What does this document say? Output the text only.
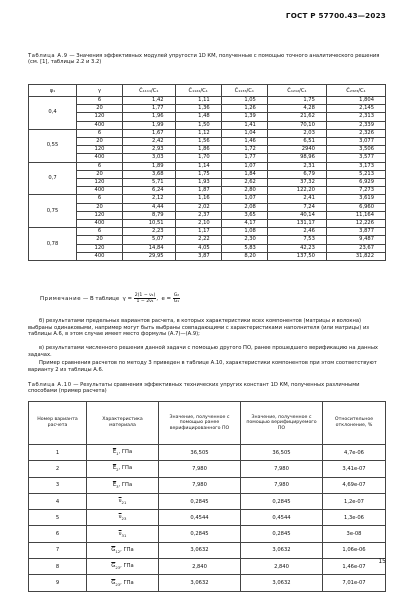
ГОСТ Р 57700.43—2023
Таблица А.9 — Значения эффективных модулей упругости 1D КМ, полученные с помощью точного аналитического решения (см. [1], таблицы 2.2 и 3.2)
φ₁	γ	C̄₁₁₁₁/C₁	C̄₁₁₂₂/C₁	C̄₁₁₃₃/C₁	C̄₁₂₁₂/C₁	C̄₂₃₂₃/C₁
0,4	6	1,42	1,11	1,05	1,75	1,804
	20	1,77	1,36	1,26	4,28	2,145
	120	1,96	1,48	1,39	21,62	2,313
	400	1,99	1,50	1,41	70,10	2,339
0,55	6	1,67	1,12	1,04	2,03	2,326
	20	2,42	1,56	1,46	6,51	3,077
	120	2,93	1,86	1,72	2940	3,506
	400	3,03	1,70	1,77	98,96	3,577
0,7	6	1,89	1,14	1,07	2,31	3,173
	20	3,68	1,75	1,84	6,79	5,213
	120	5,71	1,93	2,62	37,32	6,929
	400	6,24	1,87	2,80	122,20	7,273
0,75	6	2,12	1,16	1,07	2,41	3,619
	20	4,44	2,02	2,08	7,24	6,960
	120	8,79	2,37	3,65	40,14	11,164
	400	10,51	2,10	4,17	131,17	12,226
0,78	6	2,23	1,17	1,08	2,46	3,877
	20	5,07	2,22	2,30	7,53	9,487
	120	14,84	4,05	5,83	42,23	23,67
	400	29,95	3,87	8,20	137,50	31,822
Примечание — В таблице $\gamma = \frac{\text{2(1 − ν₁)}}{\text{1 − 2ν₁}}$ , $e = \frac{\text{G₂}}{\text{G₁}}$
б) результатами предельных вариантов расчета, в которых характеристики всех компонентов (матрицы и волокна) выбраны одинаковыми, например могут быть выбраны совпадающими с характеристиками наполнителя (или матрицы) из таблицы А.6, в этом случае имеет место формулы (А.7)—(А.9);
в) результатами численного решения данной задачи с помощью другого ПО, ранее прошедшего верификацию на данных задачах.
Пример сравнения расчетов по методу 3 приведен в таблице А.10, характеристики компонентов при этом соответствуют варианту 2 из таблицы А.6.
Таблица А.10 — Результаты сравнения эффективных технических упругих констант 1D КМ, полученных различными способами (пример расчета)
Номер варианта расчета	Характеристика материала	Значение, полученное с помощью ранее верифицированного ПО	Значение, полученное с помощью верифицируемого ПО	Относительное отклонение, %
1	$\overline{E}_1$, ГПа	36,505	36,505	4,7е-06
2	$\overline{E}_2$, ГПа	7,980	7,980	3,41е-07
3	$\overline{E}_3$, ГПа	7,980	7,980	4,69е-07
4	$\overline{\nu}_{21}$	0,2845	0,2845	1,2е-07
5	$\overline{\nu}_{23}$	0,4544	0,4544	1,3е-06
6	$\overline{\nu}_{31}$	0,2845	0,2845	3е-08
7	$\overline{G}_{12}$, ГПа	3,0632	3,0632	1,06е-06
8	$\overline{G}_{23}$, ГПа	2,840	2,840	1,46е-07
9	$\overline{G}_{23}$, ГПа	3,0632	3,0632	7,01е-07
15
